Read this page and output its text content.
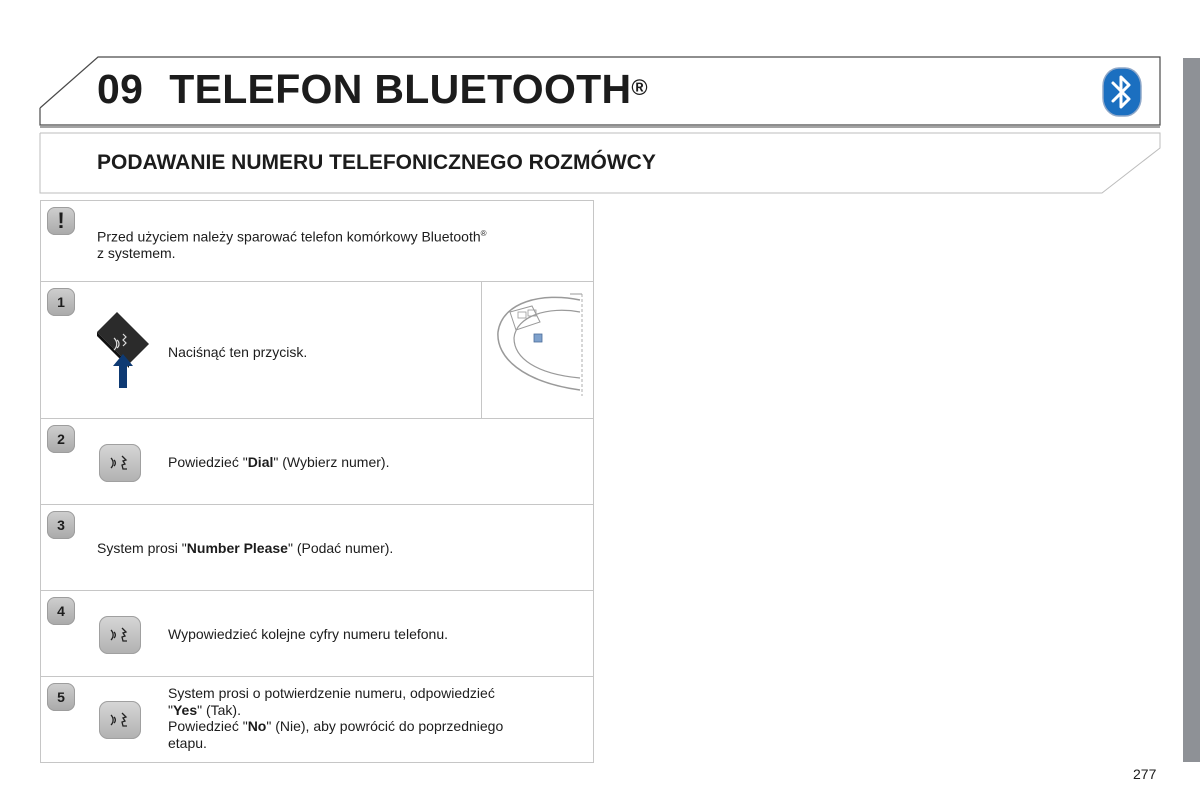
09 TELEFON BLUETOOTH®
PODAWANIE NUMERU TELEFONICZNEGO ROZMÓWCY
!
Przed użyciem należy sparować telefon komórkowy Bluetooth®
z systemem.
1
Naciśnąć ten przycisk.
2
Powiedzieć "Dial" (Wybierz numer).
3
System prosi "Number Please" (Podać numer).
4
Wypowiedzieć kolejne cyfry numeru telefonu.
5	System prosi o potwierdzenie numeru, odpowiedzieć
"Yes" (Tak).
Powiedzieć "No" (Nie), aby powrócić do poprzedniego
etapu.
277
